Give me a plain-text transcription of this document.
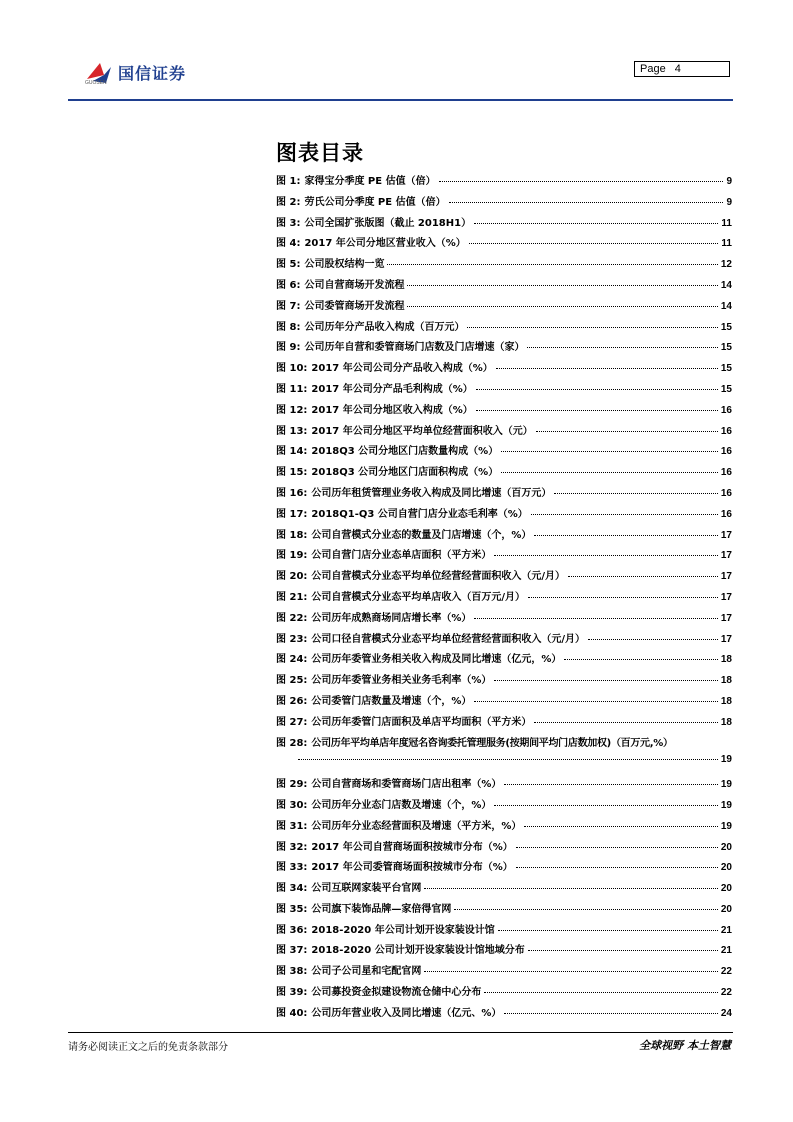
国信证券
GUOSEN
Page 4
图表目录
图 1: 家得宝分季度 PE 估值（倍）	9
图 2: 劳氏公司分季度 PE 估值（倍）	9
图 3: 公司全国扩张版图（截止 2018H1）	11
图 4: 2017 年公司分地区营业收入（%）	11
图 5: 公司股权结构一览	12
图 6: 公司自营商场开发流程	14
图 7: 公司委管商场开发流程	14
图 8: 公司历年分产品收入构成（百万元）	15
图 9: 公司历年自营和委管商场门店数及门店增速（家）	15
图 10: 2017 年公司公司分产品收入构成（%）	15
图 11: 2017 年公司分产品毛利构成（%）	15
图 12: 2017 年公司分地区收入构成（%）	16
图 13: 2017 年公司分地区平均单位经营面积收入（元）	16
图 14: 2018Q3 公司分地区门店数量构成（%）	16
图 15: 2018Q3 公司分地区门店面积构成（%）	16
图 16: 公司历年租赁管理业务收入构成及同比增速（百万元）	16
图 17: 2018Q1-Q3 公司自营门店分业态毛利率（%）	16
图 18: 公司自营模式分业态的数量及门店增速（个，%）	17
图 19: 公司自营门店分业态单店面积（平方米）	17
图 20: 公司自营模式分业态平均单位经营经营面积收入（元/月）	17
图 21: 公司自营模式分业态平均单店收入（百万元/月）	17
图 22: 公司历年成熟商场同店增长率（%）	17
图 23: 公司口径自营模式分业态平均单位经营经营面积收入（元/月）	17
图 24: 公司历年委管业务相关收入构成及同比增速（亿元，%）	18
图 25: 公司历年委管业务相关业务毛利率（%）	18
图 26: 公司委管门店数量及增速（个，%）	18
图 27: 公司历年委管门店面积及单店平均面积（平方米）	18
图 28: 公司历年平均单店年度冠名咨询委托管理服务(按期间平均门店数加权)（百万元,%）
19
图 29: 公司自营商场和委管商场门店出租率（%）	19
图 30: 公司历年分业态门店数及增速（个，%）	19
图 31: 公司历年分业态经营面积及增速（平方米，%）	19
图 32: 2017 年公司自营商场面积按城市分布（%）	20
图 33: 2017 年公司委管商场面积按城市分布（%）	20
图 34: 公司互联网家装平台官网	20
图 35: 公司旗下装饰品牌—家倍得官网	20
图 36: 2018-2020 年公司计划开设家装设计馆	21
图 37: 2018-2020 公司计划开设家装设计馆地域分布	21
图 38: 公司子公司星和宅配官网	22
图 39: 公司募投资金拟建设物流仓储中心分布	22
图 40: 公司历年营业收入及同比增速（亿元、%）	24
请务必阅读正文之后的免责条款部分	全球视野 本土智慧
